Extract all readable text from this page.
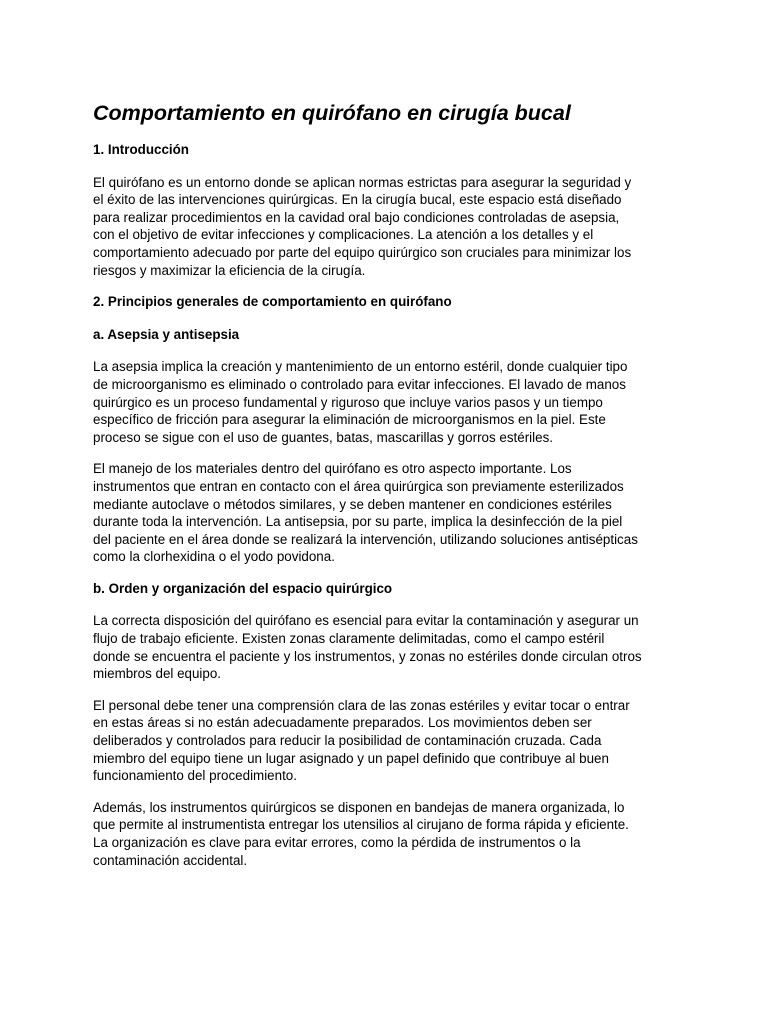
Comportamiento en quirófano en cirugía bucal
1. Introducción
El quirófano es un entorno donde se aplican normas estrictas para asegurar la seguridad y
el éxito de las intervenciones quirúrgicas. En la cirugía bucal, este espacio está diseñado
para realizar procedimientos en la cavidad oral bajo condiciones controladas de asepsia,
con el objetivo de evitar infecciones y complicaciones. La atención a los detalles y el
comportamiento adecuado por parte del equipo quirúrgico son cruciales para minimizar los
riesgos y maximizar la eficiencia de la cirugía.
2. Principios generales de comportamiento en quirófano
a. Asepsia y antisepsia
La asepsia implica la creación y mantenimiento de un entorno estéril, donde cualquier tipo
de microorganismo es eliminado o controlado para evitar infecciones. El lavado de manos
quirúrgico es un proceso fundamental y riguroso que incluye varios pasos y un tiempo
específico de fricción para asegurar la eliminación de microorganismos en la piel. Este
proceso se sigue con el uso de guantes, batas, mascarillas y gorros estériles.
El manejo de los materiales dentro del quirófano es otro aspecto importante. Los
instrumentos que entran en contacto con el área quirúrgica son previamente esterilizados
mediante autoclave o métodos similares, y se deben mantener en condiciones estériles
durante toda la intervención. La antisepsia, por su parte, implica la desinfección de la piel
del paciente en el área donde se realizará la intervención, utilizando soluciones antisépticas
como la clorhexidina o el yodo povidona.
b. Orden y organización del espacio quirúrgico
La correcta disposición del quirófano es esencial para evitar la contaminación y asegurar un
flujo de trabajo eficiente. Existen zonas claramente delimitadas, como el campo estéril
donde se encuentra el paciente y los instrumentos, y zonas no estériles donde circulan otros
miembros del equipo.
El personal debe tener una comprensión clara de las zonas estériles y evitar tocar o entrar
en estas áreas si no están adecuadamente preparados. Los movimientos deben ser
deliberados y controlados para reducir la posibilidad de contaminación cruzada. Cada
miembro del equipo tiene un lugar asignado y un papel definido que contribuye al buen
funcionamiento del procedimiento.
Además, los instrumentos quirúrgicos se disponen en bandejas de manera organizada, lo
que permite al instrumentista entregar los utensilios al cirujano de forma rápida y eficiente.
La organización es clave para evitar errores, como la pérdida de instrumentos o la
contaminación accidental.
